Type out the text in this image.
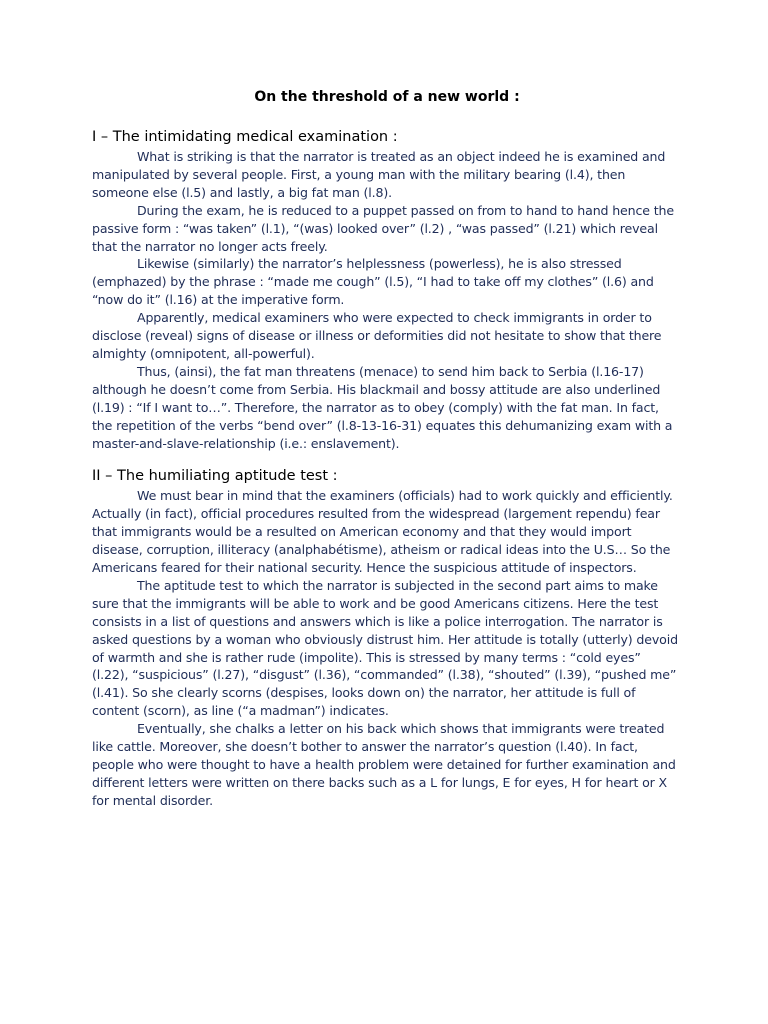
On the threshold of a new world :
I – The intimidating medical examination :

What is striking is that the narrator is treated as an object indeed he is examined and manipulated by several people. First, a young man with the military bearing (l.4), then someone else (l.5) and lastly, a big fat man (l.8).

During the exam, he is reduced to a puppet passed on from to hand to hand hence the passive form : “was taken” (l.1), “(was) looked over” (l.2) , “was passed” (l.21) which reveal that the narrator no longer acts freely.

Likewise (similarly) the narrator’s helplessness (powerless), he is also stressed (emphazed) by the phrase : “made me cough” (l.5), “I had to take off my clothes” (l.6) and “now do it” (l.16) at the imperative form.

Apparently, medical examiners who were expected to check immigrants in order to disclose (reveal) signs of disease or illness or deformities did not hesitate to show that there almighty (omnipotent, all-powerful).

Thus, (ainsi), the fat man threatens (menace) to send him back to Serbia (l.16-17) although he doesn’t come from Serbia. His blackmail and bossy attitude are also underlined (l.19) : “If I want to…”. Therefore, the narrator as to obey (comply) with the fat man. In fact, the repetition of the verbs “bend over” (l.8-13-16-31) equates this dehumanizing exam with a master-and-slave-relationship (i.e.: enslavement).

II – The humiliating aptitude test :

We must bear in mind that the examiners (officials) had to work quickly and efficiently. Actually (in fact), official procedures resulted from the widespread (largement rependu) fear that immigrants would be a resulted on American economy and that they would import disease, corruption, illiteracy (analphabétisme), atheism or radical ideas into the U.S… So the Americans feared for their national security. Hence the suspicious attitude of inspectors.

The aptitude test to which the narrator is subjected in the second part aims to make sure that the immigrants will be able to work and be good Americans citizens. Here the test consists in a list of questions and answers which is like a police interrogation. The narrator is asked questions by a woman who obviously distrust him. Her attitude is totally (utterly) devoid of warmth and she is rather rude (impolite). This is stressed by many terms : “cold eyes” (l.22), “suspicious” (l.27), “disgust” (l.36), “commanded” (l.38), “shouted” (l.39), “pushed me” (l.41). So she clearly scorns (despises, looks down on) the narrator, her attitude is full of content (scorn), as line (“a madman”) indicates.

Eventually, she chalks a letter on his back which shows that immigrants were treated like cattle. Moreover, she doesn’t bother to answer the narrator’s question (l.40). In fact, people who were thought to have a health problem were detained for further examination and different letters were written on there backs such as a L for lungs, E for eyes, H for heart or X for mental disorder.
